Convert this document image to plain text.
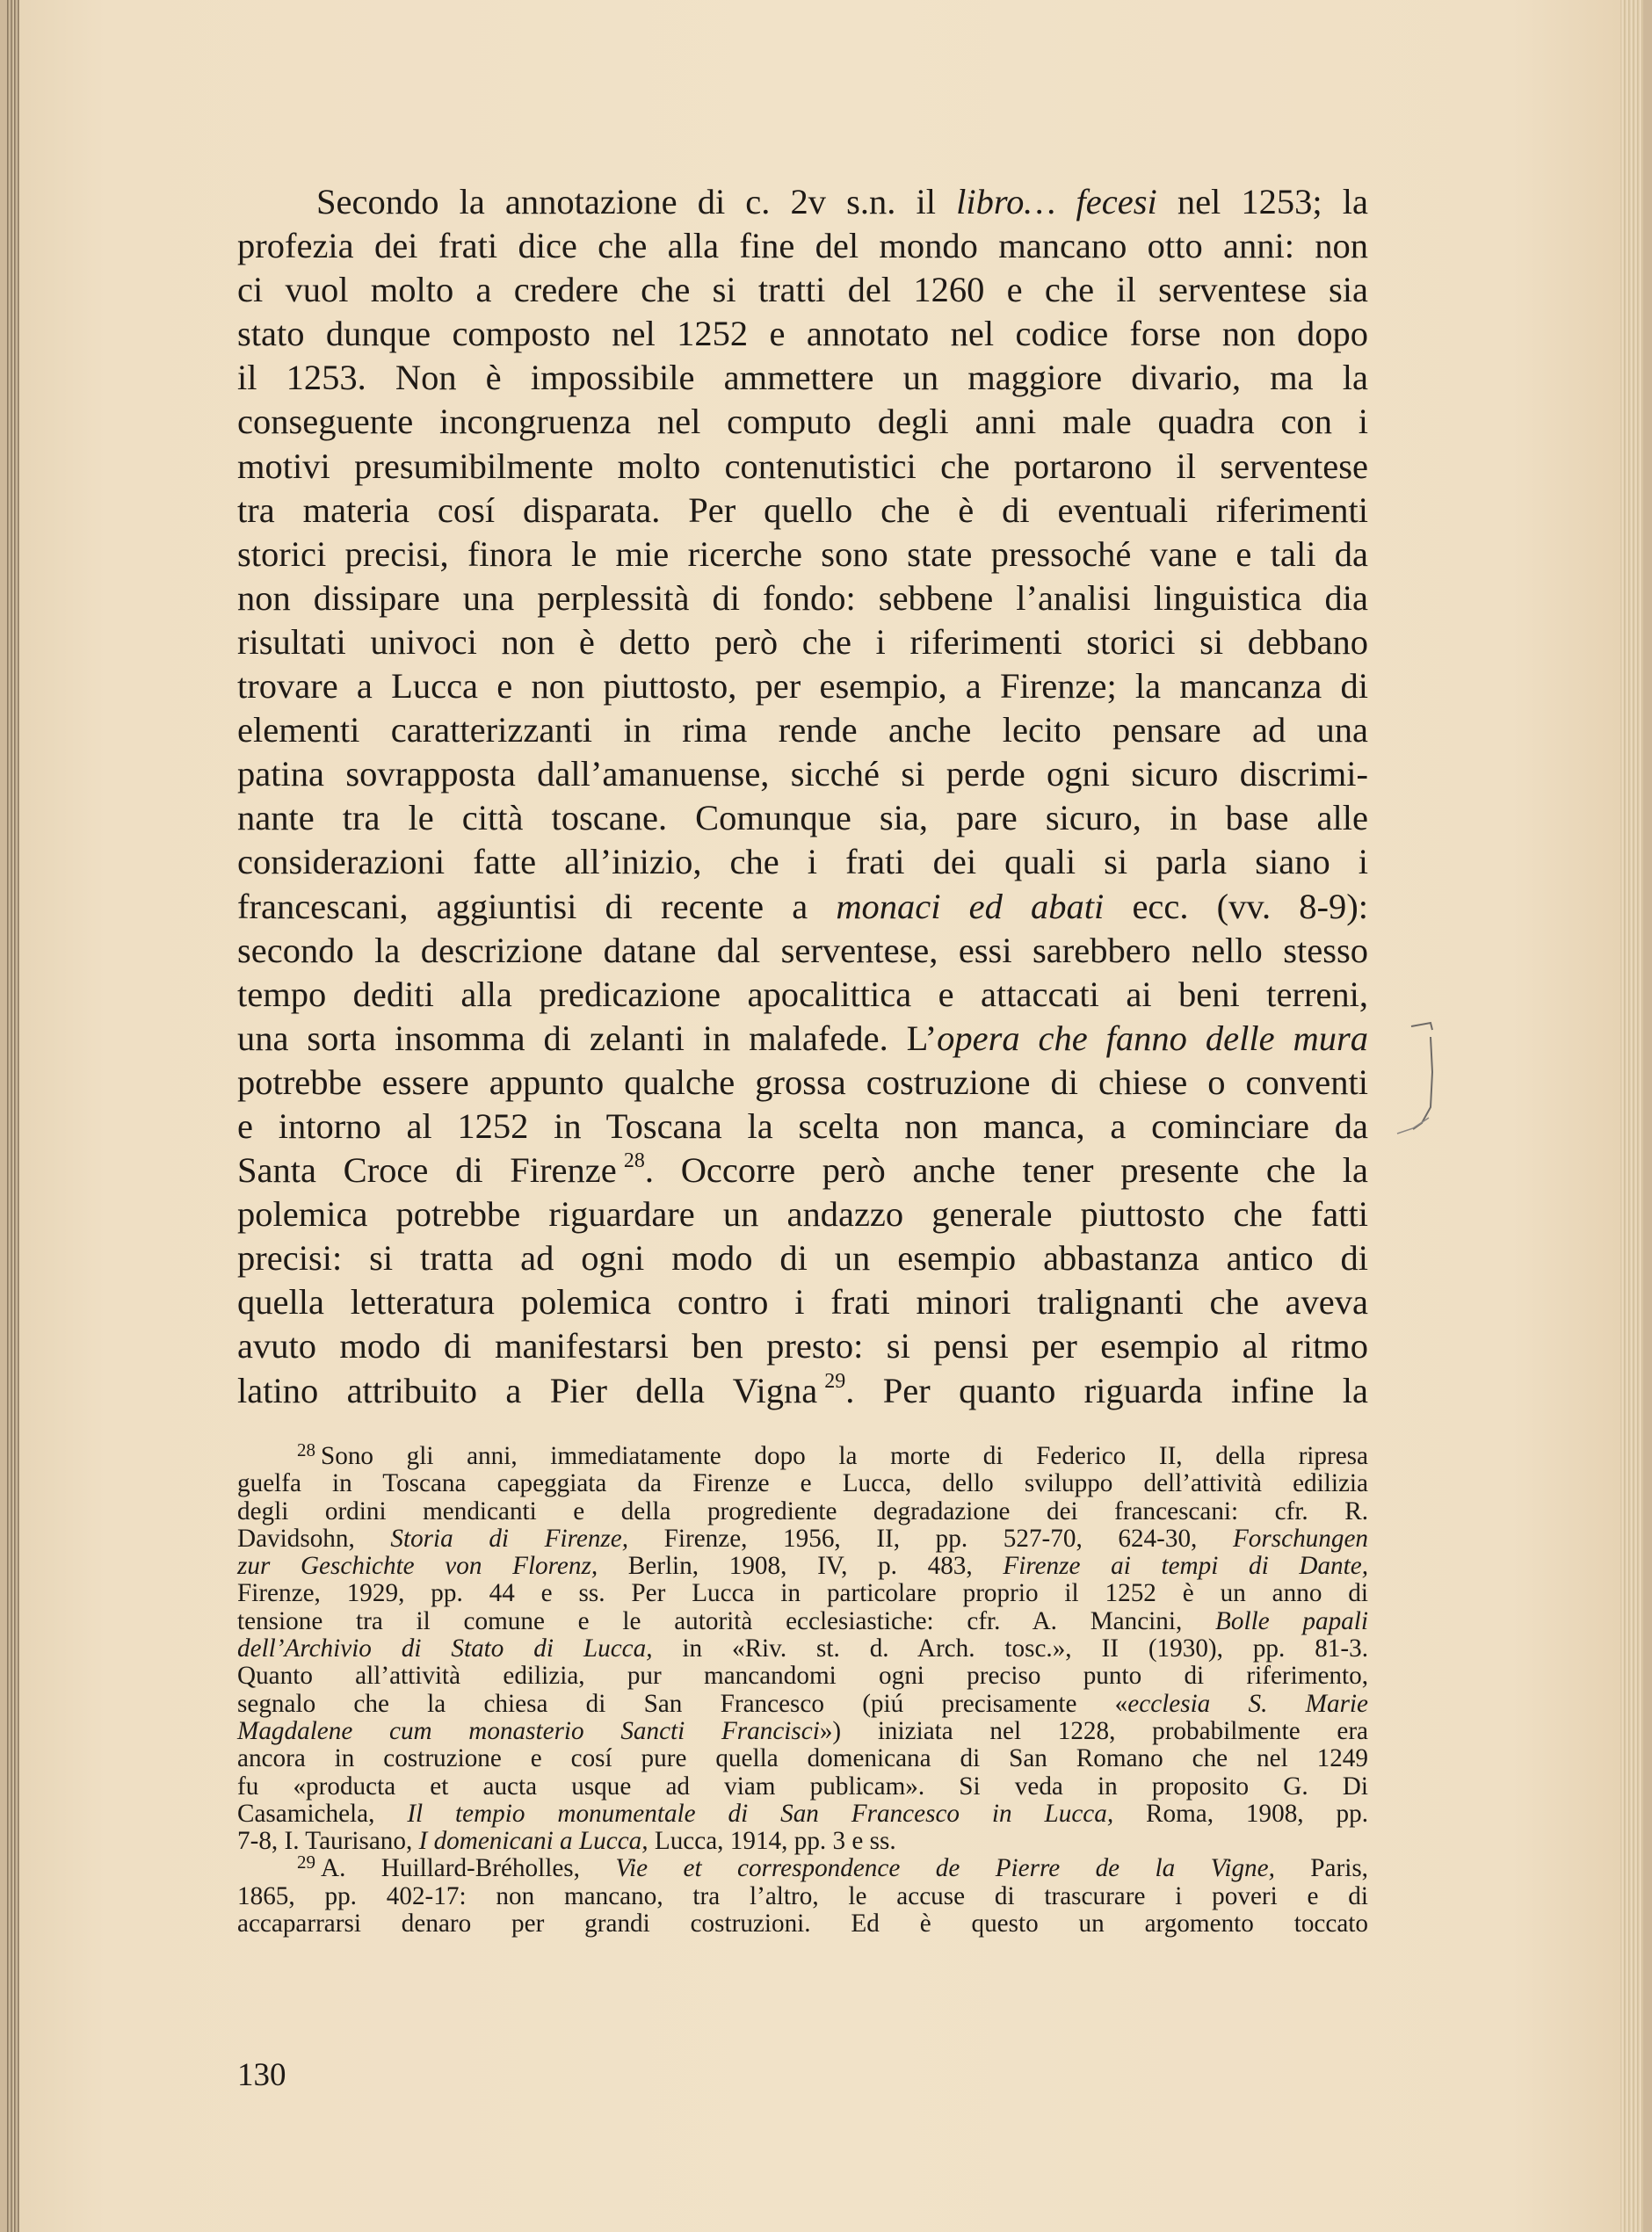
Secondo la annotazione di c. 2v s.n. il libro… fecesi nel 1253; la
profezia dei frati dice che alla fine del mondo mancano otto anni: non
ci vuol molto a credere che si tratti del 1260 e che il serventese sia
stato dunque composto nel 1252 e annotato nel codice forse non dopo
il 1253. Non è impossibile ammettere un maggiore divario, ma la
conseguente incongruenza nel computo degli anni male quadra con i
motivi presumibilmente molto contenutistici che portarono il serventese
tra materia cosí disparata. Per quello che è di eventuali riferimenti
storici precisi, finora le mie ricerche sono state pressoché vane e tali da
non dissipare una perplessità di fondo: sebbene l’analisi linguistica dia
risultati univoci non è detto però che i riferimenti storici si debbano
trovare a Lucca e non piuttosto, per esempio, a Firenze; la mancanza di
elementi caratterizzanti in rima rende anche lecito pensare ad una
patina sovrapposta dall’amanuense, sicché si perde ogni sicuro discrimi-
nante tra le città toscane. Comunque sia, pare sicuro, in base alle
considerazioni fatte all’inizio, che i frati dei quali si parla siano i
francescani, aggiuntisi di recente a monaci ed abati ecc. (vv. 8-9):
secondo la descrizione datane dal serventese, essi sarebbero nello stesso
tempo dediti alla predicazione apocalittica e attaccati ai beni terreni,
una sorta insomma di zelanti in malafede. L’opera che fanno delle mura
potrebbe essere appunto qualche grossa costruzione di chiese o conventi
e intorno al 1252 in Toscana la scelta non manca, a cominciare da
Santa Croce di Firenze  $^{28}$. Occorre però anche tener presente che la
polemica potrebbe riguardare un andazzo generale piuttosto che fatti
precisi: si tratta ad ogni modo di un esempio abbastanza antico di
quella letteratura polemica contro i frati minori tralignanti che aveva
avuto modo di manifestarsi ben presto: si pensi per esempio al ritmo
latino attribuito a Pier della Vigna  $^{29}$. Per quanto riguarda infine la
$^{28}$ Sono gli anni, immediatamente dopo la morte di Federico II, della ripresa
guelfa in Toscana capeggiata da Firenze e Lucca, dello sviluppo dell’attività edilizia
degli ordini mendicanti e della progrediente degradazione dei francescani: cfr. R.
Davidsohn, Storia di Firenze, Firenze, 1956, II, pp. 527-70, 624-30, Forschungen
zur Geschichte von Florenz, Berlin, 1908, IV, p. 483, Firenze ai tempi di Dante,
Firenze, 1929, pp. 44 e ss. Per Lucca in particolare proprio il 1252 è un anno di
tensione tra il comune e le autorità ecclesiastiche: cfr. A. Mancini, Bolle papali
dell’Archivio di Stato di Lucca, in «Riv. st. d. Arch. tosc.», II (1930), pp. 81-3.
Quanto all’attività edilizia, pur mancandomi ogni preciso punto di riferimento,
segnalo che la chiesa di San Francesco (piú precisamente «ecclesia S. Marie
Magdalene cum monasterio Sancti Francisci») iniziata nel 1228, probabilmente era
ancora in costruzione e cosí pure quella domenicana di San Romano che nel 1249
fu «producta et aucta usque ad viam publicam». Si veda in proposito G. Di
Casamichela, Il tempio monumentale di San Francesco in Lucca, Roma, 1908, pp.
7-8, I. Taurisano, I domenicani a Lucca, Lucca, 1914, pp. 3 e ss.
$^{29}$ A. Huillard-Bréholles, Vie et correspondence de Pierre de la Vigne, Paris,
1865, pp. 402-17: non mancano, tra l’altro, le accuse di trascurare i poveri e di
accaparrarsi denaro per grandi costruzioni. Ed è questo un argomento toccato
130
